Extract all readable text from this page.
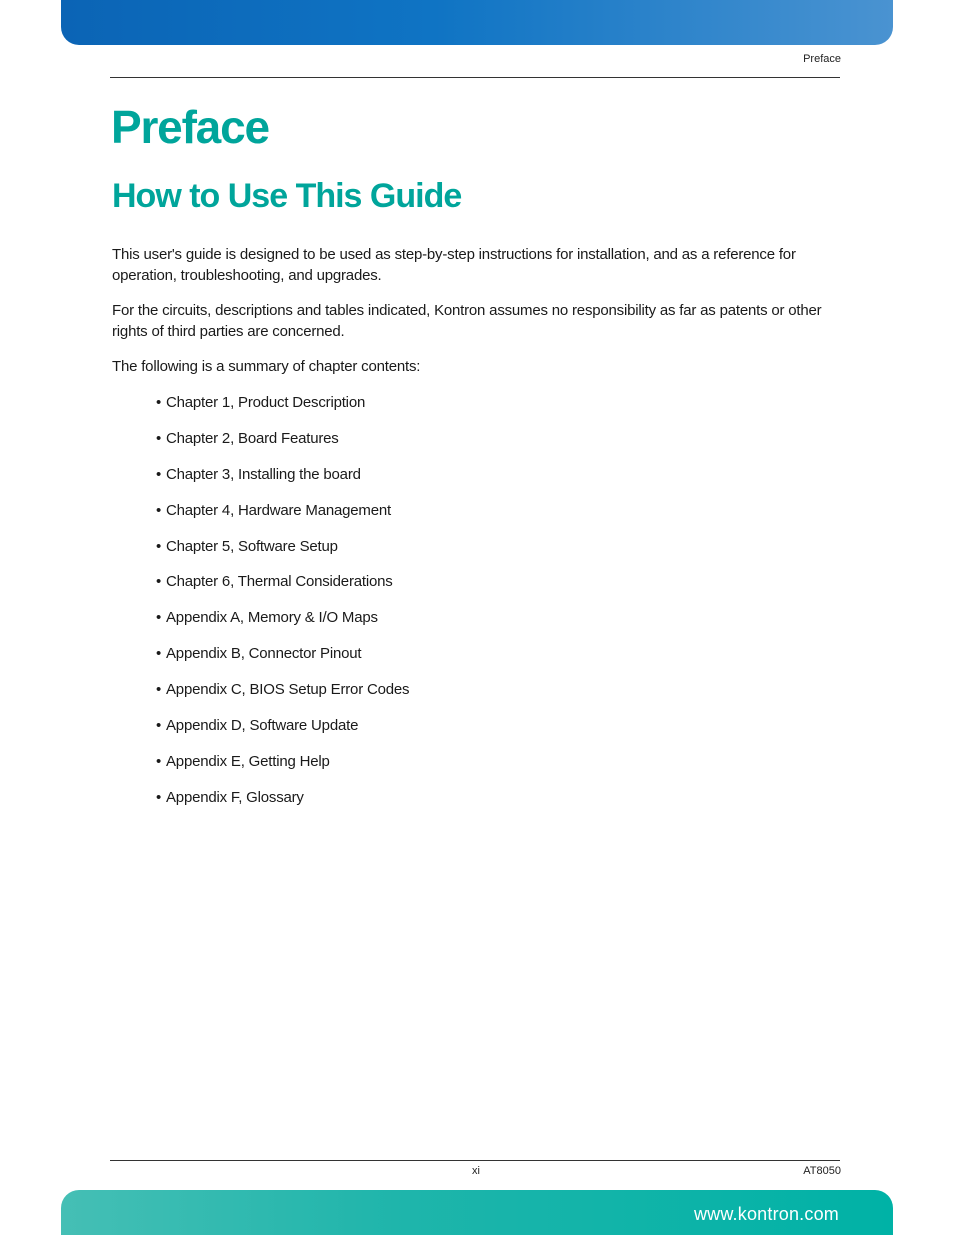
Preface
Preface
How to Use This Guide

This user's guide is designed to be used as step-by-step instructions for installation, and as a reference for operation, troubleshooting, and upgrades.

For the circuits, descriptions and tables indicated, Kontron assumes no responsibility as far as patents or other rights of third parties are concerned.

The following is a summary of chapter contents:

• Chapter 1, Product Description
• Chapter 2, Board Features
• Chapter 3, Installing the board
• Chapter 4, Hardware Management
• Chapter 5, Software Setup
• Chapter 6, Thermal Considerations
• Appendix A, Memory & I/O Maps
• Appendix B, Connector Pinout
• Appendix C, BIOS Setup Error Codes
• Appendix D, Software Update
• Appendix E, Getting Help
• Appendix F, Glossary
xi	AT8050
www.kontron.com
